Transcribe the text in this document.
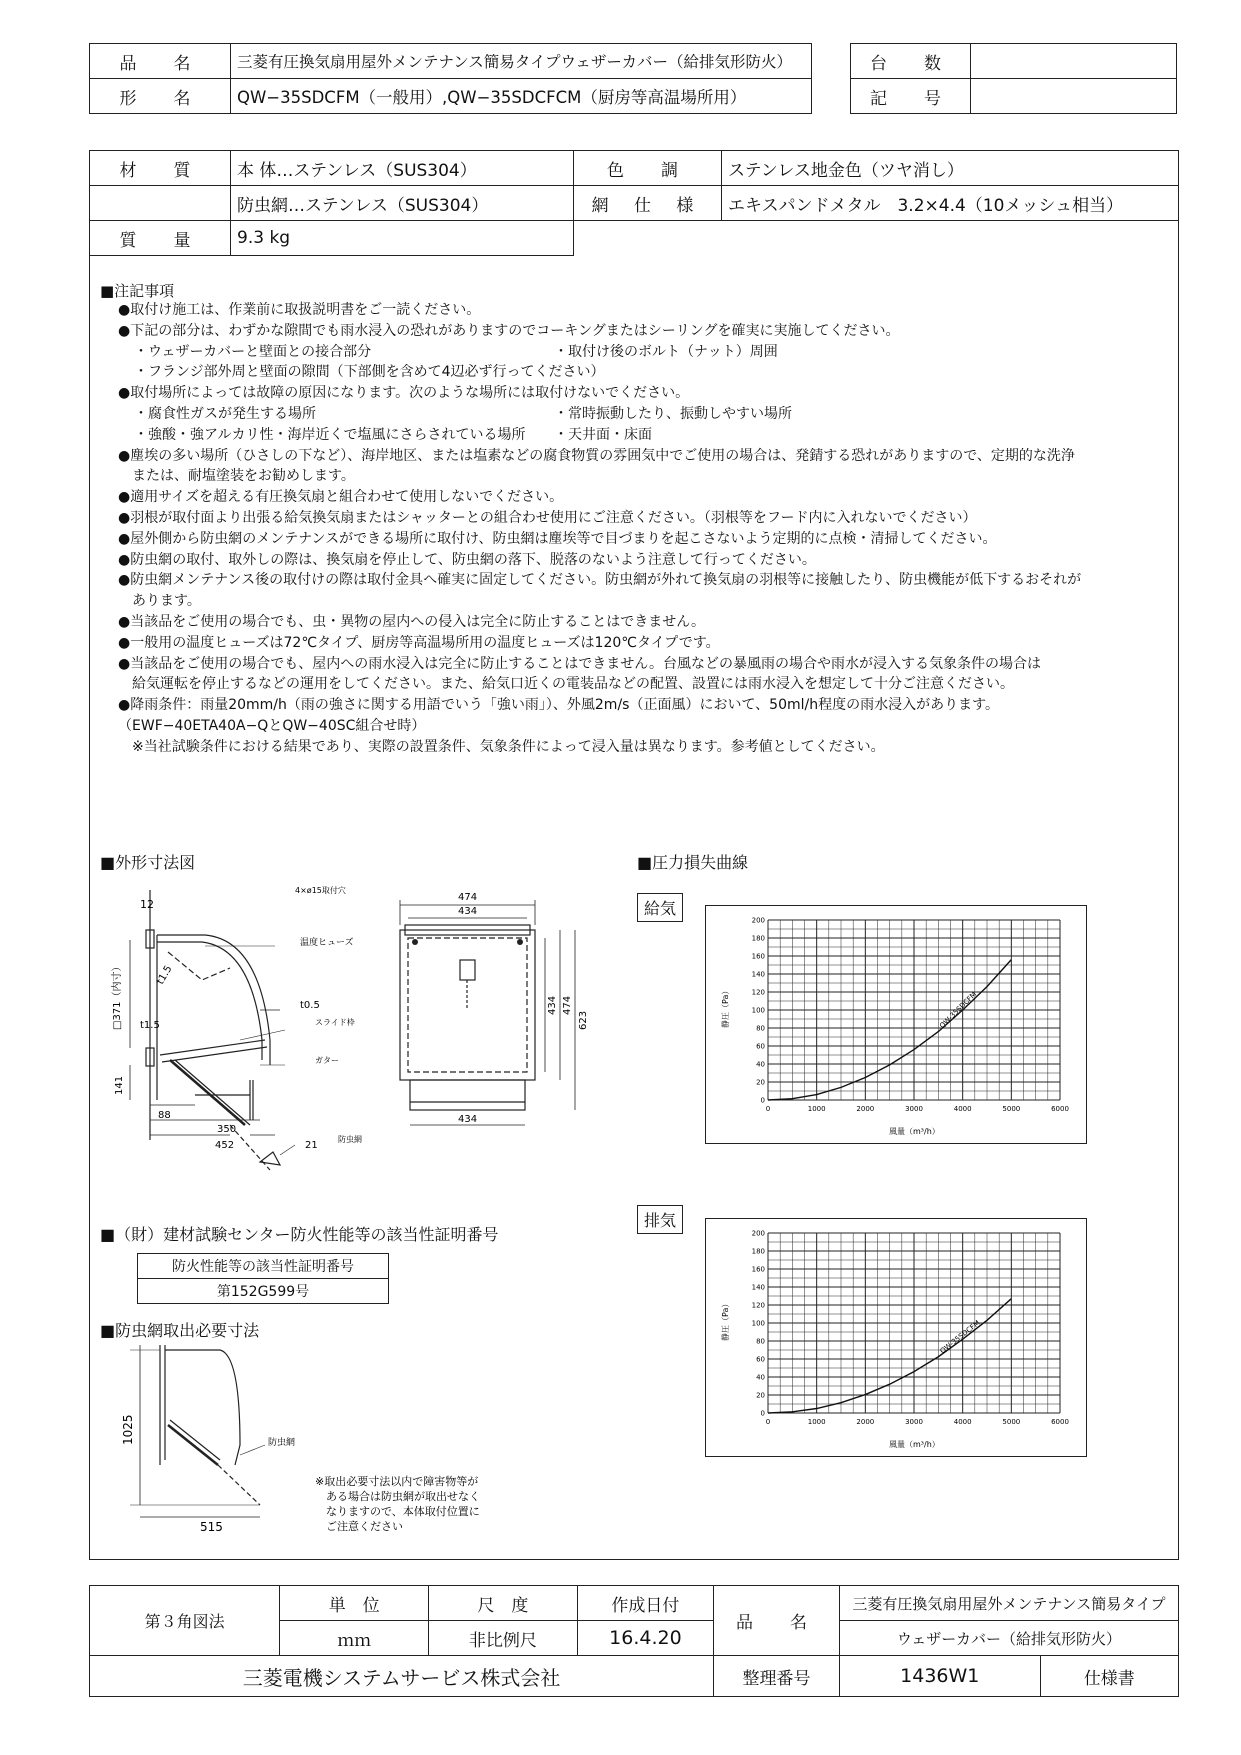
品　名	三菱有圧換気扇用屋外メンテナンス簡易タイプウェザーカバー（給排気形防火）
形　名	QW−35SDCFM（一般用）,QW−35SDCFCM（厨房等高温場所用）
台　数	
記　号	
材　質	本 体…ステンレス（SUS304）	色　調	ステンレス地金色（ツヤ消し）
	防虫網…ステンレス（SUS304）	網 仕 様	エキスパンドメタル　3.2×4.4（10メッシュ相当）
質　量	9.3 kg		
■注記事項
●取付け施工は、作業前に取扱説明書をご一読ください。
●下記の部分は、わずかな隙間でも雨水浸入の恐れがありますのでコーキングまたはシーリングを確実に実施してください。
・ウェザーカバーと壁面との接合部分	・取付け後のボルト（ナット）周囲
・フランジ部外周と壁面の隙間（下部側を含めて4辺必ず行ってください）
●取付場所によっては故障の原因になります。次のような場所には取付けないでください。
・腐食性ガスが発生する場所	・常時振動したり、振動しやすい場所
・強酸・強アルカリ性・海岸近くで塩風にさらされている場所 ・天井面・床面
●塵埃の多い場所（ひさしの下など）、海岸地区、または塩素などの腐食物質の雰囲気中でご使用の場合は、発錆する恐れがありますので、定期的な洗浄
　または、耐塩塗装をお勧めします。
●適用サイズを超える有圧換気扇と組合わせて使用しないでください。
●羽根が取付面より出張る給気換気扇またはシャッターとの組合わせ使用にご注意ください。（羽根等をフード内に入れないでください）
●屋外側から防虫網のメンテナンスができる場所に取付け、防虫網は塵埃等で目づまりを起こさないよう定期的に点検・清掃してください。
●防虫網の取付、取外しの際は、換気扇を停止して、防虫網の落下、脱落のないよう注意して行ってください。
●防虫網メンテナンス後の取付けの際は取付金具へ確実に固定してください。防虫網が外れて換気扇の羽根等に接触したり、防虫機能が低下するおそれが
　あります。
●当該品をご使用の場合でも、虫・異物の屋内への侵入は完全に防止することはできません。
●一般用の温度ヒューズは72℃タイプ、厨房等高温場所用の温度ヒューズは120℃タイプです。
●当該品をご使用の場合でも、屋内への雨水浸入は完全に防止することはできません。台風などの暴風雨の場合や雨水が浸入する気象条件の場合は
　給気運転を停止するなどの運用をしてください。また、給気口近くの電装品などの配置、設置には雨水浸入を想定して十分ご注意ください。
●降雨条件：雨量20mm/h（雨の強さに関する用語でいう「強い雨」）、外風2m/s（正面風）において、50ml/h程度の雨水浸入があります。
（EWF−40ETA40A−QとQW−40SC組合せ時）
　※当社試験条件における結果であり、実際の設置条件、気象条件によって浸入量は異なります。参考値としてください。
■外形寸法図	■圧力損失曲線
給気
排気
■（財）建材試験センター防火性能等の該当性証明番号
防火性能等の該当性証明番号
第152G599号
■防虫網取出必要寸法
12
□371（内寸）	t1.5
t1.5
t0.5
141
88
350
452	21
温度ヒューズ
スライド枠
ガター
防虫網
474
434
4×ø15取付穴
434 474
623
434
1025
515
防虫網
※取出必要寸法以内で障害物等が
　ある場合は防虫網が取出せなく
　なりますので、本体取付位置に
　ご注意ください
0	1000	2000	3000	4000	5000	6000
0
20
40
60
80
100
120
140
160
180
200
風量（m³/h）
静圧（Pa）	QW-35SDCFM
0	1000	2000	3000	4000	5000	6000
0
20
40
60
80
100
120
140
160
180
200
風量（m³/h）
静圧（Pa）	QW-35SDCFM
第３角図法	単　位	尺　度	作成日付	品　名	三菱有圧換気扇用屋外メンテナンス簡易タイプ	
	ｍｍ	非比例尺	16.4.20		ウェザーカバー（給排気形防火）	
三菱電機システムサービス株式会社				整理番号	1436W1	仕様書
